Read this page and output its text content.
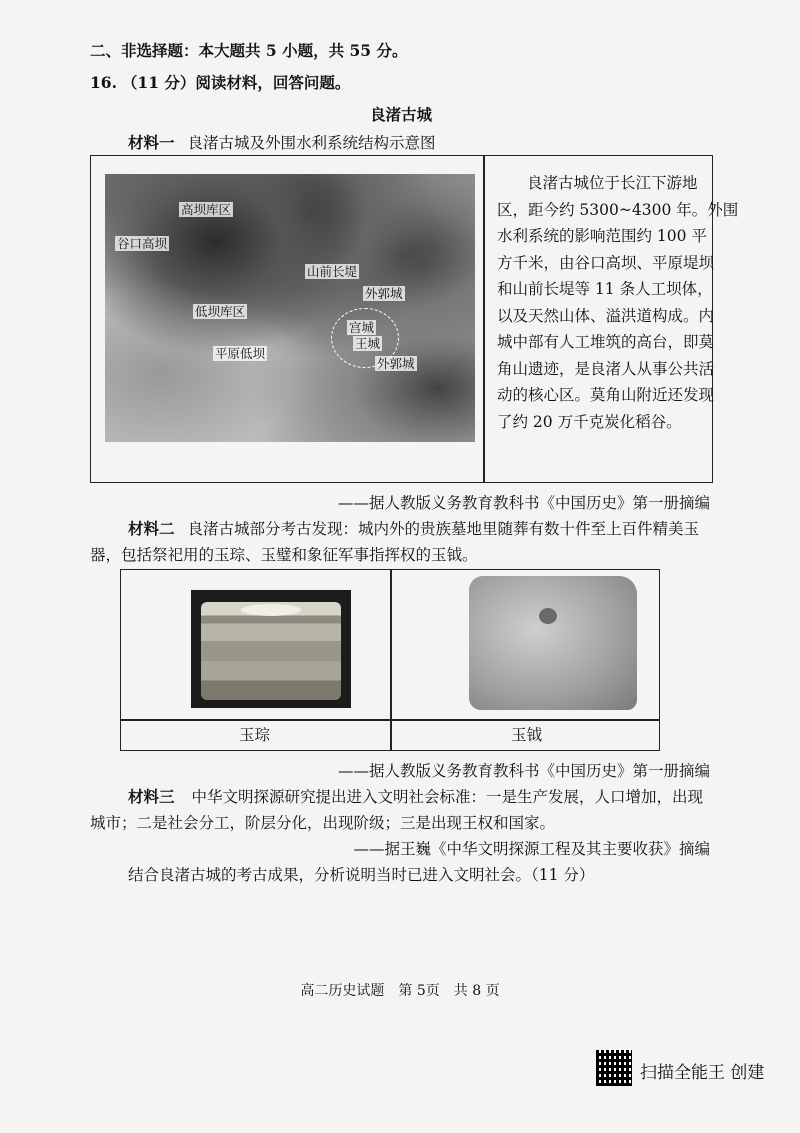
二、非选择题：本大题共 5 小题，共 55 分。
16. （11 分）阅读材料，回答问题。
良渚古城
材料一 良渚古城及外围水利系统结构示意图
高坝库区
谷口高坝
山前长堤
外郭城
低坝库区
宫城
王城
平原低坝
外郭城
良渚古城位于长江下游地
区，距今约 5300~4300 年。外围
水利系统的影响范围约 100 平
方千米，由谷口高坝、平原堤坝
和山前长堤等 11 条人工坝体，
以及天然山体、溢洪道构成。内
城中部有人工堆筑的高台，即莫
角山遗迹，是良渚人从事公共活
动的核心区。莫角山附近还发现
了约 20 万千克炭化稻谷。
——据人教版义务教育教科书《中国历史》第一册摘编
材料二 良渚古城部分考古发现：城内外的贵族墓地里随葬有数十件至上百件精美玉
器，包括祭祀用的玉琮、玉璧和象征军事指挥权的玉钺。
玉琮	玉钺
——据人教版义务教育教科书《中国历史》第一册摘编
材料三 中华文明探源研究提出进入文明社会标准：一是生产发展，人口增加，出现
城市；二是社会分工，阶层分化，出现阶级；三是出现王权和国家。
——据王巍《中华文明探源工程及其主要收获》摘编
结合良渚古城的考古成果，分析说明当时已进入文明社会。（11 分）
高二历史试题　第 5页　共 8 页
扫描全能王 创建
